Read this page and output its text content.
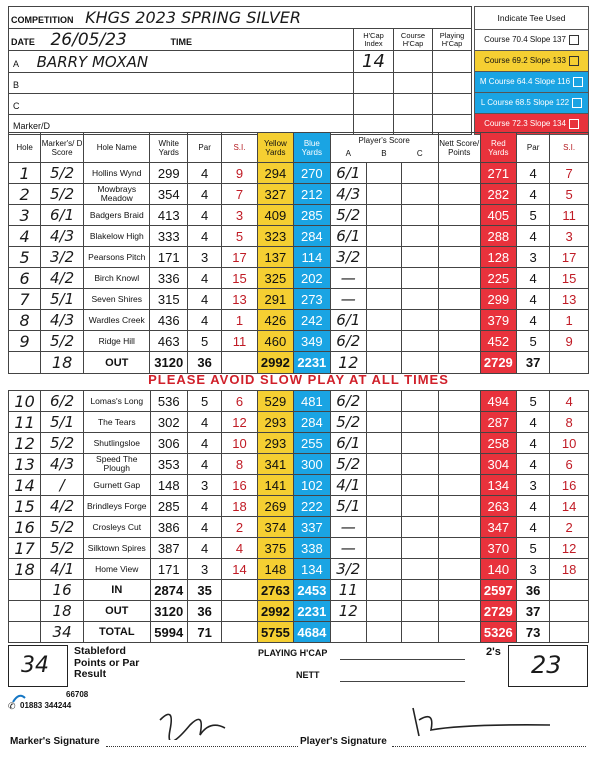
COMPETITION KHGS 2023 SPRING SILVER			
DATE 26/05/23 TIME	H'Cap Index	Course H'Cap	Playing H'Cap
A BARRY MOXAN	14		
B			
C			
Marker/D			
Indicate Tee Used
Course 70.4 Slope 137
Course 69.2 Slope 133
M Course 64.4 Slope 116
L Course 68.5 Slope 122
Course 72.3 Slope 134
Hole	Marker's/ D Score	Hole Name	White Yards	Par	S.I.	Yellow Yards	Blue Yards	Player's Score
A B C			Nett Score/ Points	Red Yards	Par	S.I.
1	5/2	Hollins Wynd	299	4	9	294	270	6/1				271	4	7
2	5/2	Mowbrays Meadow	354	4	7	327	212	4/3				282	4	5
3	6/1	Badgers Braid	413	4	3	409	285	5/2				405	5	11
4	4/3	Blakelow High	333	4	5	323	284	6/1				288	4	3
5	3/2	Pearsons Pitch	171	3	17	137	114	3/2				128	3	17
6	4/2	Birch Knowl	336	4	15	325	202	—				225	4	15
7	5/1	Seven Shires	315	4	13	291	273	—				299	4	13
8	4/3	Wardles Creek	436	4	1	426	242	6/1				379	4	1
9	5/2	Ridge Hill	463	5	11	460	349	6/2				452	5	9
	18	OUT	3120	36		2992	2231	12				2729	37	
PLEASE AVOID SLOW PLAY AT ALL TIMES
10	6/2	Lomas's Long	536	5	6	529	481	6/2				494	5	4
11	5/1	The Tears	302	4	12	293	284	5/2				287	4	8
12	5/2	Shutlingsloe	306	4	10	293	255	6/1				258	4	10
13	4/3	Speed The Plough	353	4	8	341	300	5/2				304	4	6
14	/	Gurnett Gap	148	3	16	141	102	4/1				134	3	16
15	4/2	Brindleys Forge	285	4	18	269	222	5/1				263	4	14
16	5/2	Crosleys Cut	386	4	2	374	337	—				347	4	2
17	5/2	Silktown Spires	387	4	4	375	338	—				370	5	12
18	4/1	Home View	171	3	14	148	134	3/2				140	3	18
	16	IN	2874	35		2763	2453	11				2597	36	
	18	OUT	3120	36		2992	2231	12				2729	37	
	34	TOTAL	5994	71		5755	4684					5326	73	
34
Stableford Points or Par Result
PLAYING H'CAP
NETT
2's 23
66708
✆ 01883 344244
Marker's Signature	Player's Signature
